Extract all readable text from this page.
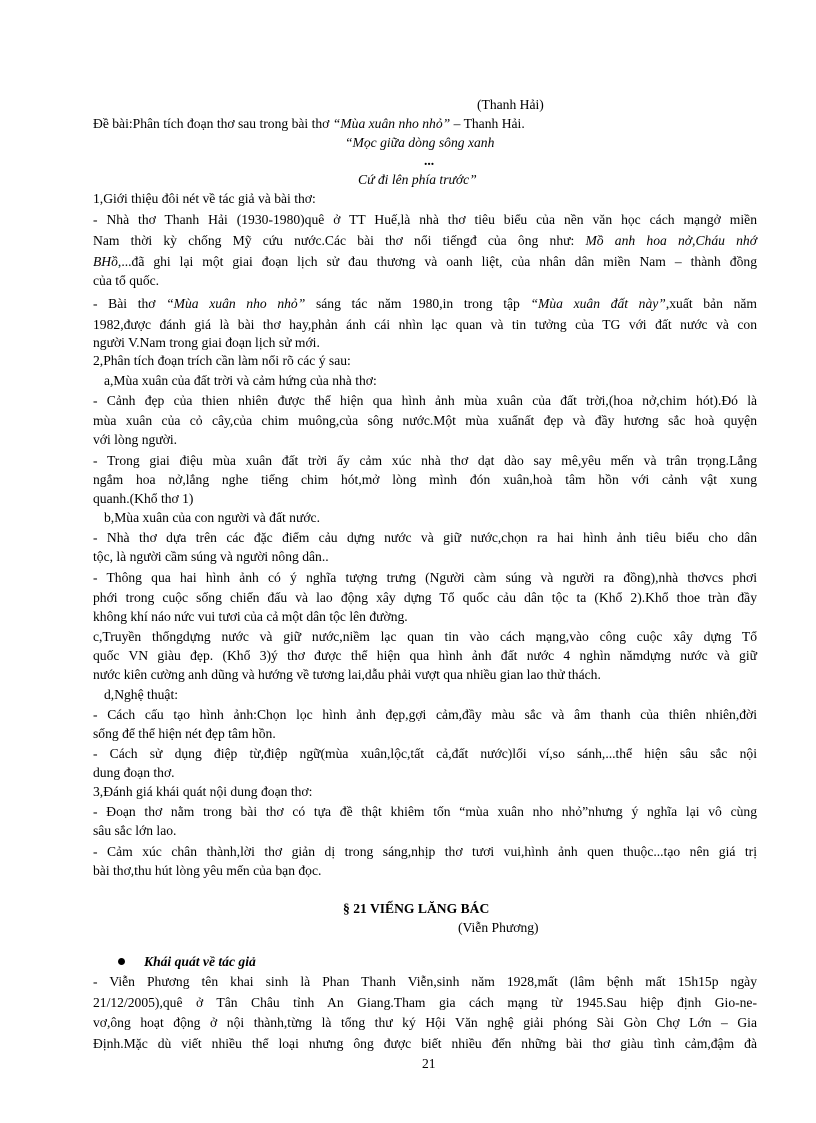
(Thanh Hải)
Đề bài:Phân tích đoạn thơ sau trong bài thơ “Mùa xuân nho nhỏ” – Thanh Hải.
“Mọc giữa dòng sông xanh
...
Cứ đi lên phía trước”
1,Giới thiệu đôi nét về tác giả và bài thơ:
- Nhà thơ Thanh Hải (1930-1980)quê ở TT Huế,là nhà thơ tiêu biểu của nền văn học cách mạngở miền
Nam thời kỳ chống Mỹ cứu nước.Các bài thơ nổi tiếngđ của ông như: Mồ anh hoa nở,Cháu nhớ
BHồ,...đã ghi lại một giai đoạn lịch sử đau thương và oanh liệt, của nhân dân miền Nam – thành đồng
của tổ quốc.
- Bài thơ “Mùa xuân nho nhỏ” sáng tác năm 1980,in trong tập “Mùa xuân đất này”,xuất bản năm
1982,được đánh giá là bài thơ hay,phản ánh cái nhìn lạc quan và tin tưởng của TG với đất nước và con
người V.Nam trong giai đoạn lịch sử mới.
2,Phân tích đoạn trích cần làm nổi rõ các ý sau:
a,Mùa xuân của đất trời và cảm hứng của nhà thơ:
- Cảnh đẹp của thien nhiên được thể hiện qua hình ảnh mùa xuân của đất trời,(hoa nở,chim hót).Đó là
mùa xuân của cỏ cây,của chim muông,của sông nước.Một mùa xuẩnất đẹp và đầy hương sắc hoà quyện
với lòng người.
- Trong giai điệu mùa xuân đất trời ấy cảm xúc nhà thơ dạt dào say mê,yêu mến và trân trọng.Lắng
ngắm hoa nở,lắng nghe tiếng chim hót,mở lòng mình đón xuân,hoà tâm hồn với cảnh vật xung
quanh.(Khổ thơ 1)
b,Mùa xuân của con người và đất nước.
- Nhà thơ dựa trên các đặc điểm cảu dựng nước và giữ nước,chọn ra hai hình ảnh tiêu biểu cho dân
tộc, là người cầm súng và người nông dân..
- Thông qua hai hình ảnh có ý nghĩa tượng trưng (Người càm súng và người ra đồng),nhà thơvcs phơi
phới trong cuộc sống chiến đấu và lao động xây dựng Tổ quốc cảu dân tộc ta (Khổ 2).Khổ thoe tràn đầy
không khí náo nức vui tươi của cả một dân tộc lên đường.
c,Truyền thốngdựng nước và giữ nước,niềm lạc quan tin vào cách mạng,vào công cuộc xây dựng Tổ
quốc VN giàu đẹp. (Khổ 3)ý thơ được thể hiện qua hình ảnh đất nước 4 nghìn nămdựng nước và giữ
nước kiên cường anh dũng và hướng về tương lai,dẫu phải vượt qua nhiều gian lao thử thách.
d,Nghệ thuật:
- Cách cấu tạo hình ảnh:Chọn lọc hình ảnh đẹp,gợi cảm,đầy màu sắc và âm thanh của thiên nhiên,đời
sống để thể hiện nét đẹp tâm hồn.
- Cách sử dụng điệp từ,điệp ngữ(mùa xuân,lộc,tất cả,đất nước)lối ví,so sánh,...thể hiện sâu sắc nội
dung đoạn thơ.
3,Đánh giá khái quát nội dung đoạn thơ:
- Đoạn thơ nằm trong bài thơ có tựa đề thật khiêm tốn “mùa xuân nho nhỏ”nhưng ý nghĩa lại vô cùng
sâu sắc lớn lao.
- Cảm xúc chân thành,lời thơ giản dị trong sáng,nhịp thơ tươi vui,hình ảnh quen thuộc...tạo nên giá trị
bài thơ,thu hút lòng yêu mến của bạn đọc.
§ 21 VIẾNG LĂNG BÁC
(Viễn Phương)
Khái quát về tác giả
- Viễn Phương tên khai sinh là Phan Thanh Viễn,sinh năm 1928,mất (lâm bệnh mất 15h15p ngày
21/12/2005),quê ở Tân Châu tỉnh An Giang.Tham gia cách mạng từ 1945.Sau hiệp định Gio-ne-
vơ,ông hoạt động ở nội thành,từng là tổng thư ký Hội Văn nghệ giải phóng Sài Gòn Chợ Lớn – Gia
Định.Mặc dù viết nhiều thể loại nhưng ông được biết nhiều đến những bài thơ giàu tình cảm,đậm đà
21
